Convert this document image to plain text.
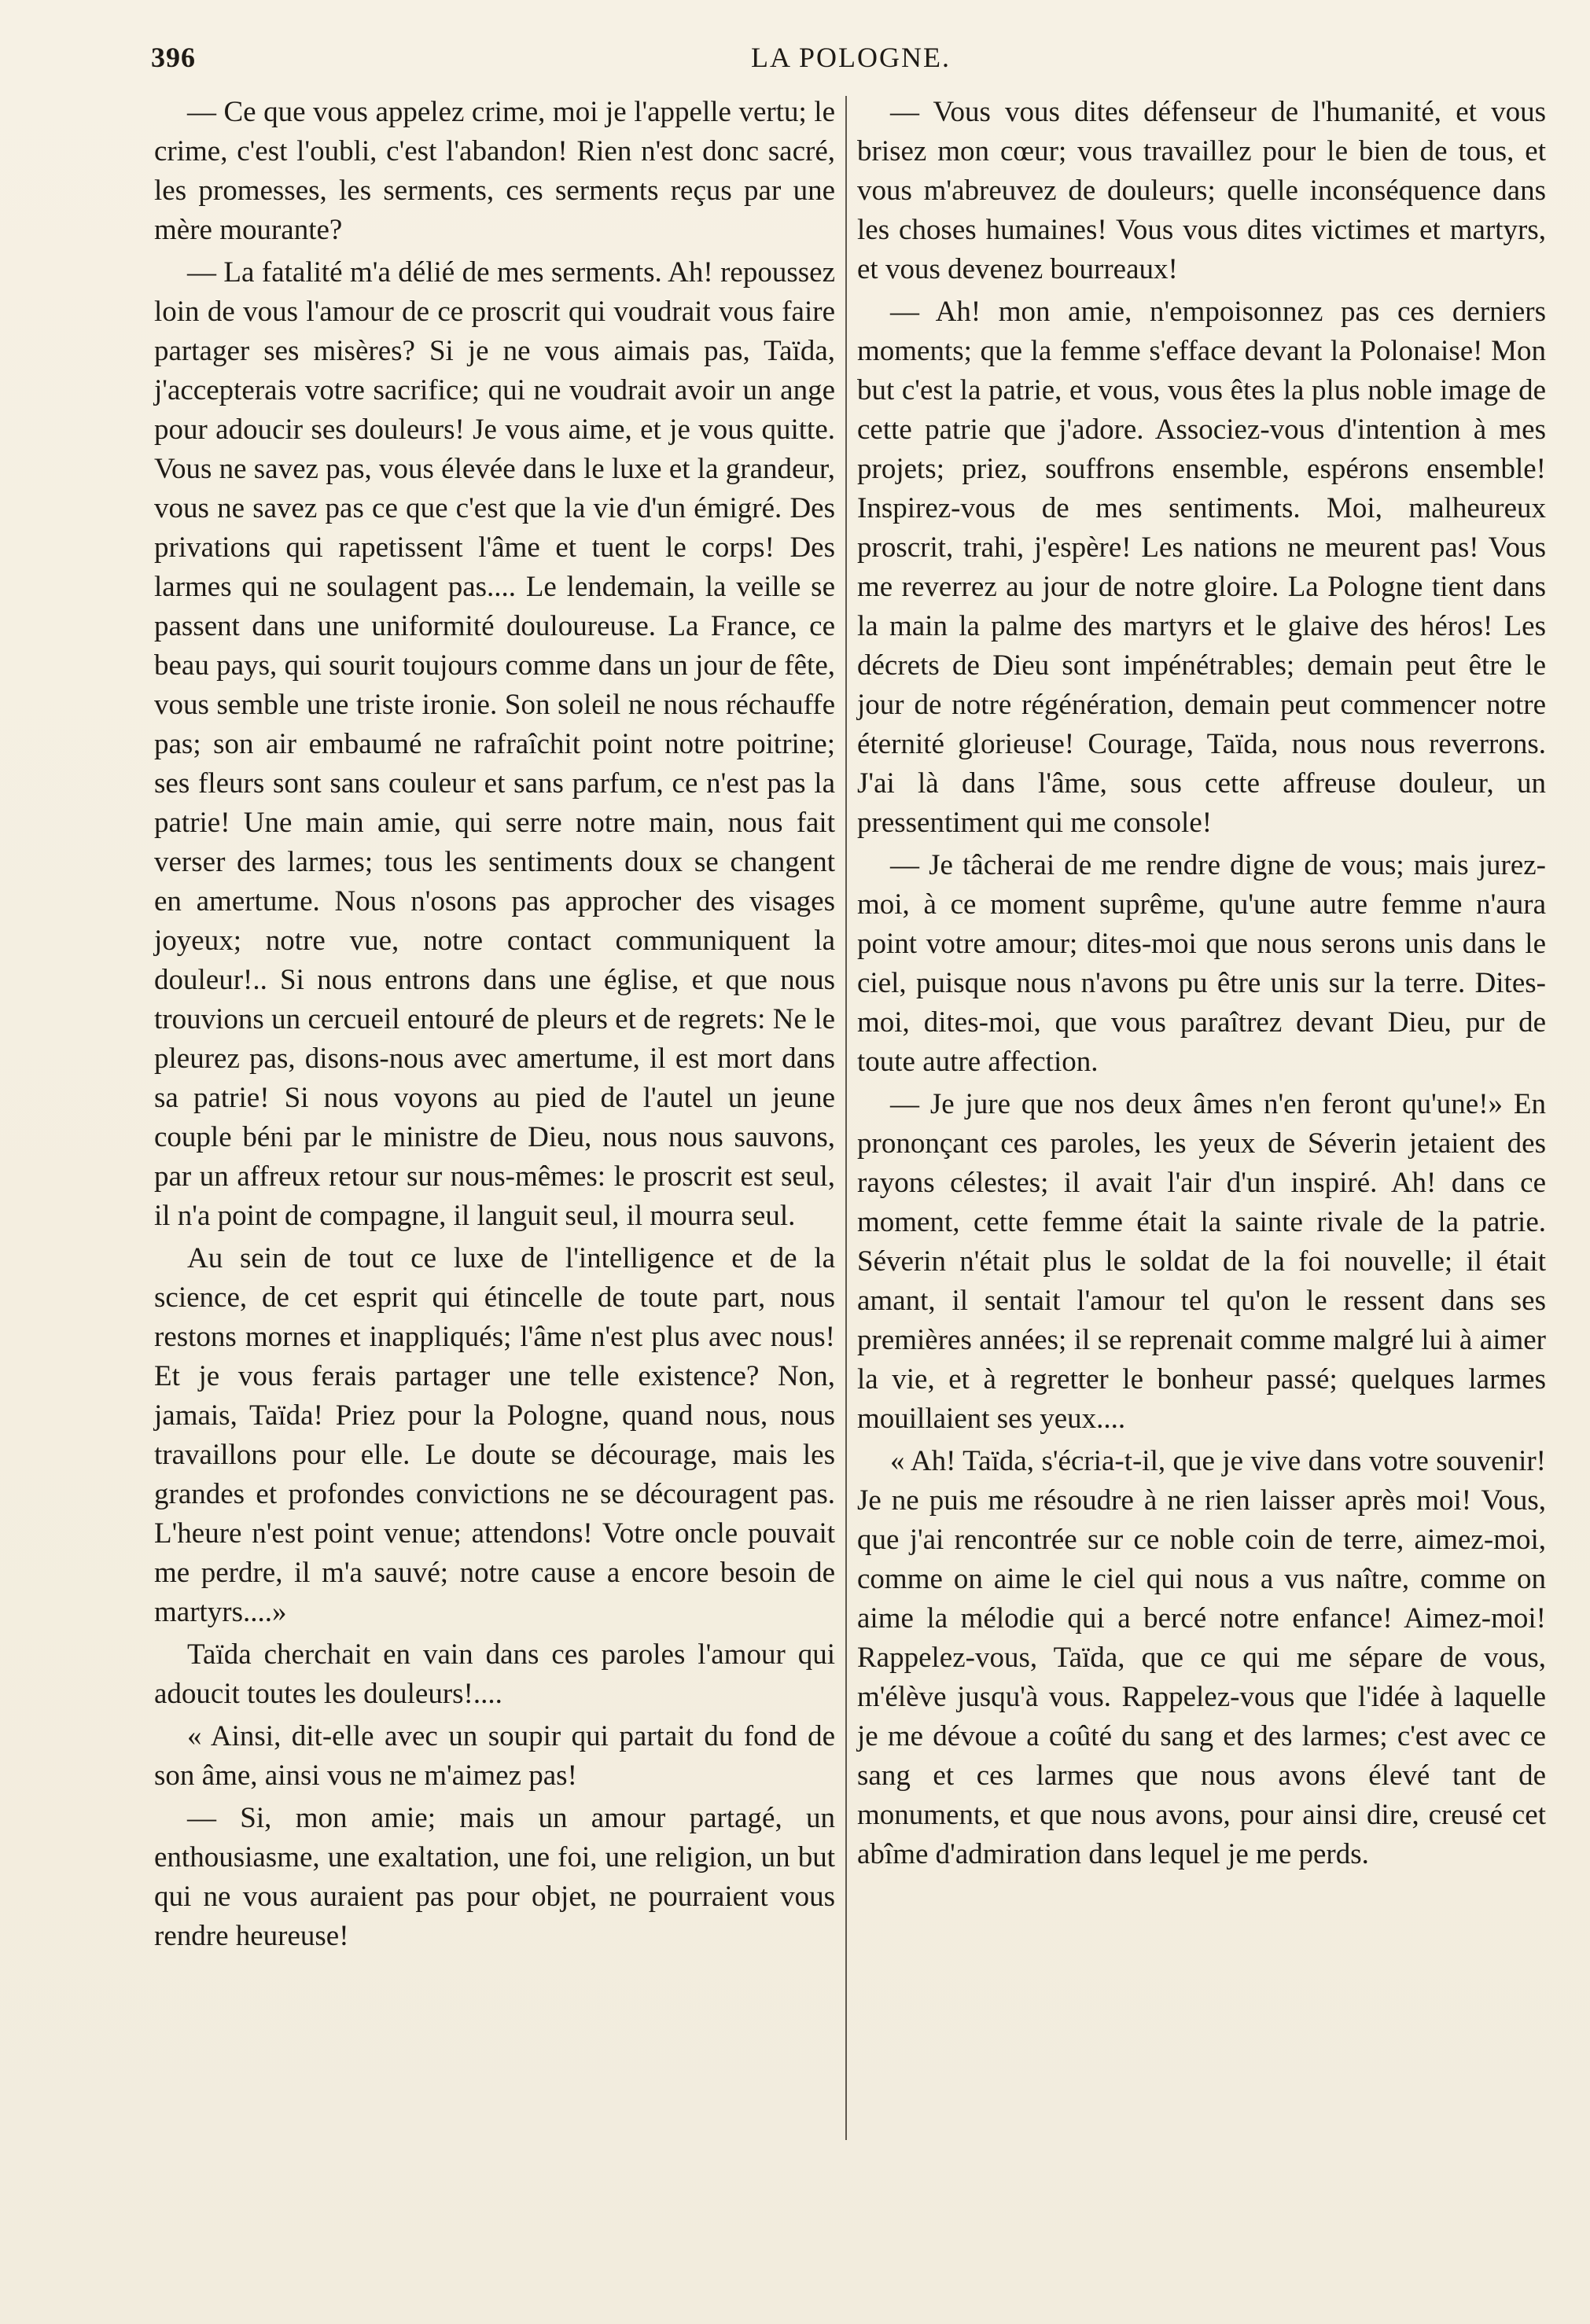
396	LA POLOGNE.

— Ce que vous appelez crime, moi je l'appelle vertu; le crime, c'est l'oubli, c'est l'abandon! Rien n'est donc sacré, les promesses, les serments, ces serments reçus par une mère mourante?

— La fatalité m'a délié de mes serments. Ah! repoussez loin de vous l'amour de ce proscrit qui voudrait vous faire partager ses misères? Si je ne vous aimais pas, Taïda, j'accepterais votre sacrifice; qui ne voudrait avoir un ange pour adoucir ses douleurs! Je vous aime, et je vous quitte. Vous ne savez pas, vous élevée dans le luxe et la grandeur, vous ne savez pas ce que c'est que la vie d'un émigré. Des privations qui rapetissent l'âme et tuent le corps! Des larmes qui ne soulagent pas.... Le lendemain, la veille se passent dans une uniformité douloureuse. La France, ce beau pays, qui sourit toujours comme dans un jour de fête, vous semble une triste ironie. Son soleil ne nous réchauffe pas; son air embaumé ne rafraîchit point notre poitrine; ses fleurs sont sans couleur et sans parfum, ce n'est pas la patrie! Une main amie, qui serre notre main, nous fait verser des larmes; tous les sentiments doux se changent en amertume. Nous n'osons pas approcher des visages joyeux; notre vue, notre contact communiquent la douleur!.. Si nous entrons dans une église, et que nous trouvions un cercueil entouré de pleurs et de regrets: Ne le pleurez pas, disons-nous avec amertume, il est mort dans sa patrie! Si nous voyons au pied de l'autel un jeune couple béni par le ministre de Dieu, nous nous sauvons, par un affreux retour sur nous-mêmes: le proscrit est seul, il n'a point de compagne, il languit seul, il mourra seul.

Au sein de tout ce luxe de l'intelligence et de la science, de cet esprit qui étincelle de toute part, nous restons mornes et inappliqués; l'âme n'est plus avec nous! Et je vous ferais partager une telle existence? Non, jamais, Taïda! Priez pour la Pologne, quand nous, nous travaillons pour elle. Le doute se décourage, mais les grandes et profondes convictions ne se découragent pas. L'heure n'est point venue; attendons! Votre oncle pouvait me perdre, il m'a sauvé; notre cause a encore besoin de martyrs....»

Taïda cherchait en vain dans ces paroles l'amour qui adoucit toutes les douleurs!....

« Ainsi, dit-elle avec un soupir qui partait du fond de son âme, ainsi vous ne m'aimez pas!

— Si, mon amie; mais un amour partagé, un enthousiasme, une exaltation, une foi, une religion, un but qui ne vous auraient pas pour objet, ne pourraient vous rendre heureuse!

— Vous vous dites défenseur de l'humanité, et vous brisez mon cœur; vous travaillez pour le bien de tous, et vous m'abreuvez de douleurs; quelle inconséquence dans les choses humaines! Vous vous dites victimes et martyrs, et vous devenez bourreaux!

— Ah! mon amie, n'empoisonnez pas ces derniers moments; que la femme s'efface devant la Polonaise! Mon but c'est la patrie, et vous, vous êtes la plus noble image de cette patrie que j'adore. Associez-vous d'intention à mes projets; priez, souffrons ensemble, espérons ensemble! Inspirez-vous de mes sentiments. Moi, malheureux proscrit, trahi, j'espère! Les nations ne meurent pas! Vous me reverrez au jour de notre gloire. La Pologne tient dans la main la palme des martyrs et le glaive des héros! Les décrets de Dieu sont impénétrables; demain peut être le jour de notre régénération, demain peut commencer notre éternité glorieuse! Courage, Taïda, nous nous reverrons. J'ai là dans l'âme, sous cette affreuse douleur, un pressentiment qui me console!

— Je tâcherai de me rendre digne de vous; mais jurez-moi, à ce moment suprême, qu'une autre femme n'aura point votre amour; dites-moi que nous serons unis dans le ciel, puisque nous n'avons pu être unis sur la terre. Dites-moi, dites-moi, que vous paraîtrez devant Dieu, pur de toute autre affection.

— Je jure que nos deux âmes n'en feront qu'une!» En prononçant ces paroles, les yeux de Séverin jetaient des rayons célestes; il avait l'air d'un inspiré. Ah! dans ce moment, cette femme était la sainte rivale de la patrie. Séverin n'était plus le soldat de la foi nouvelle; il était amant, il sentait l'amour tel qu'on le ressent dans ses premières années; il se reprenait comme malgré lui à aimer la vie, et à regretter le bonheur passé; quelques larmes mouillaient ses yeux....

« Ah! Taïda, s'écria-t-il, que je vive dans votre souvenir! Je ne puis me résoudre à ne rien laisser après moi! Vous, que j'ai rencontrée sur ce noble coin de terre, aimez-moi, comme on aime le ciel qui nous a vus naître, comme on aime la mélodie qui a bercé notre enfance! Aimez-moi! Rappelez-vous, Taïda, que ce qui me sépare de vous, m'élève jusqu'à vous. Rappelez-vous que l'idée à laquelle je me dévoue a coûté du sang et des larmes; c'est avec ce sang et ces larmes que nous avons élevé tant de monuments, et que nous avons, pour ainsi dire, creusé cet abîme d'admiration dans lequel je me perds.
